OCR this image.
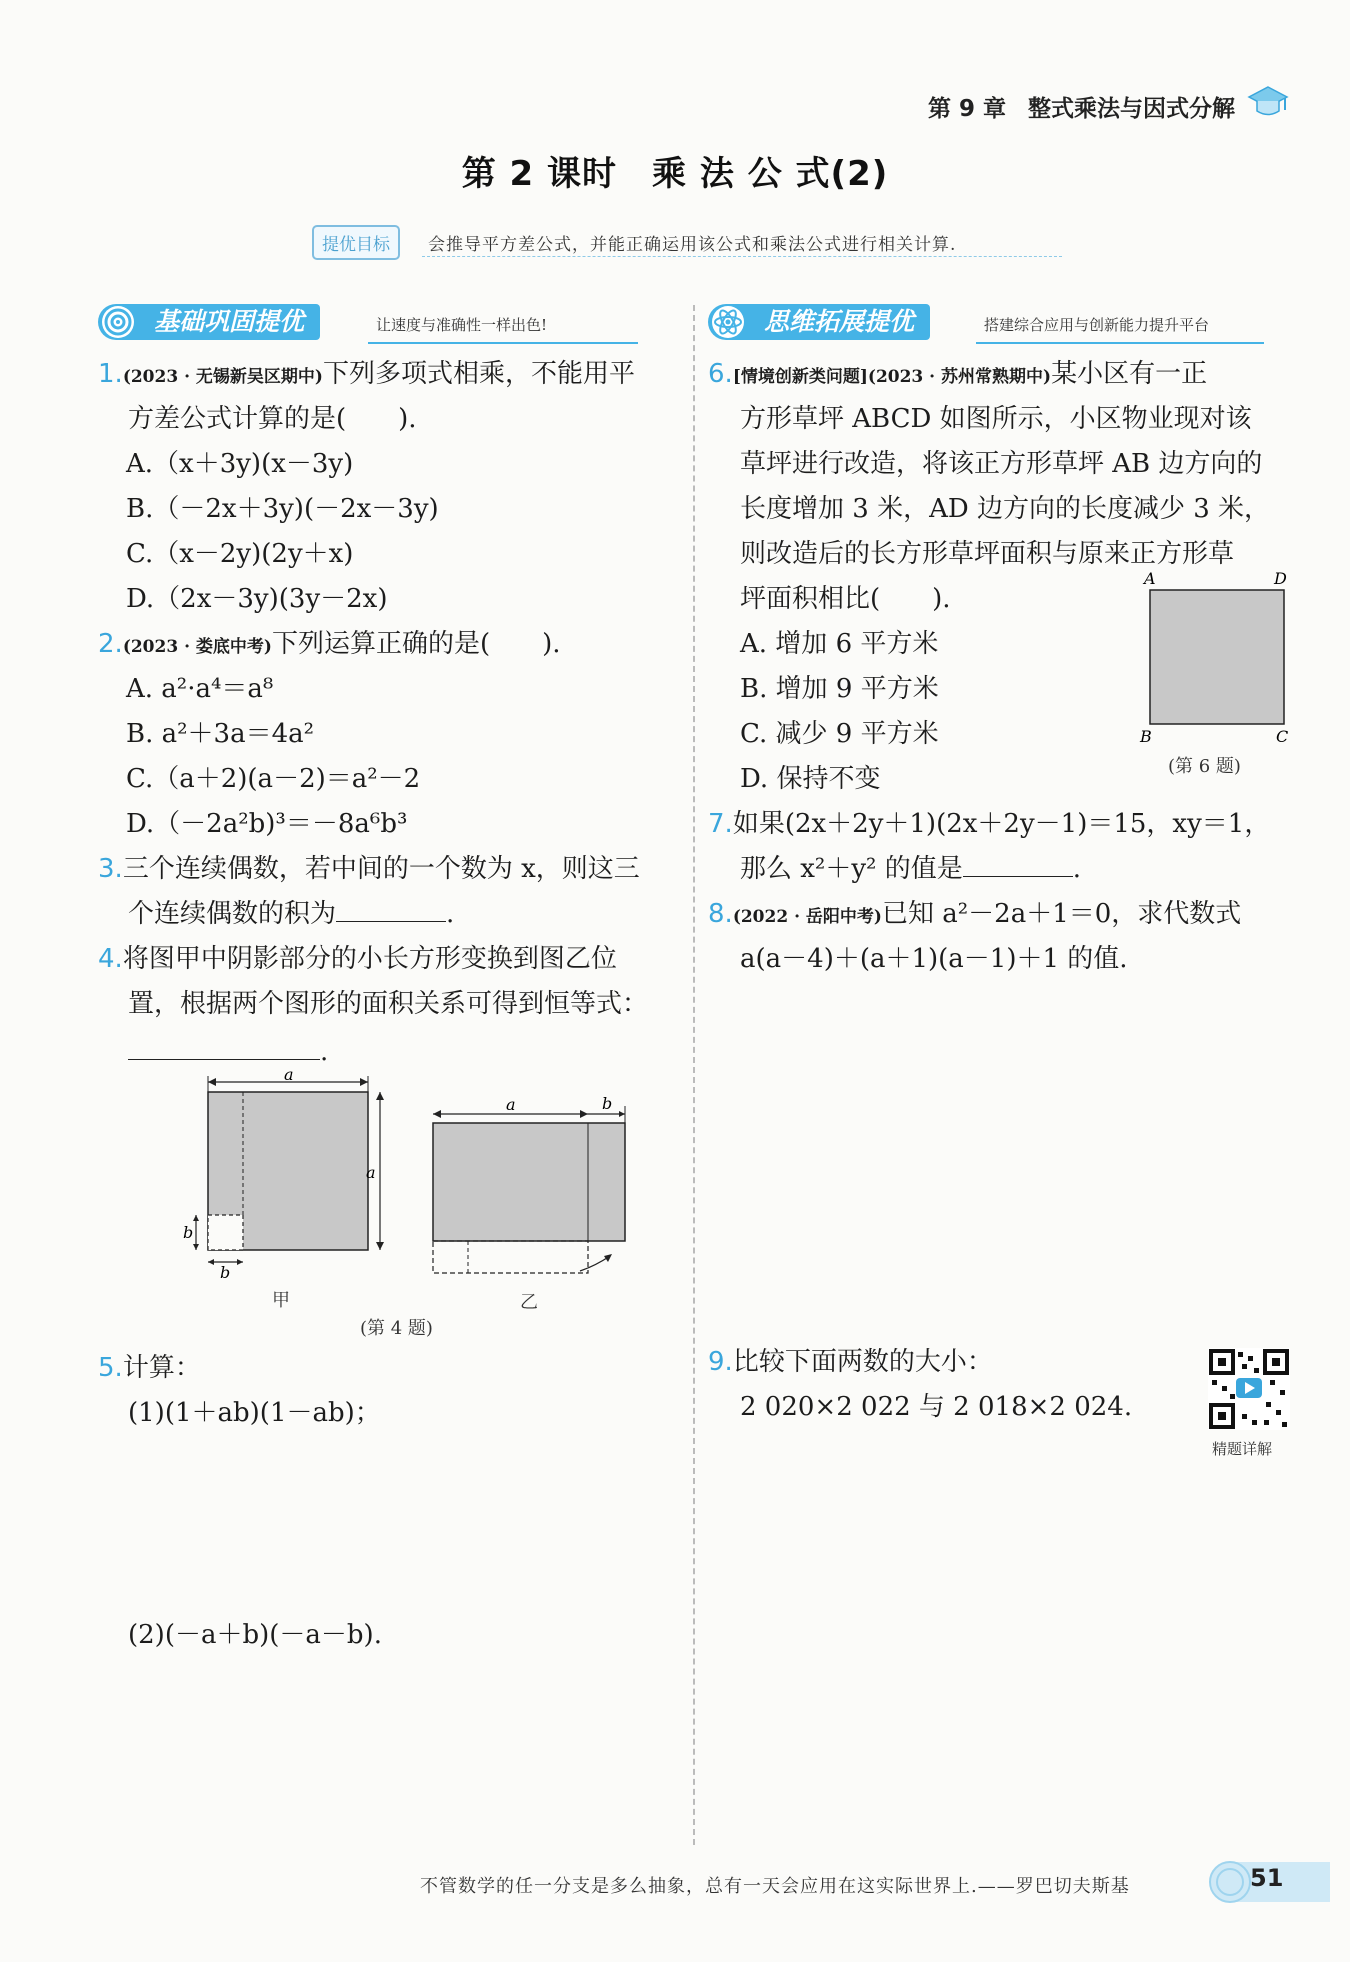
第 9 章 整式乘法与因式分解
第 2 课时　乘 法 公 式(2)
提优目标	会推导平方差公式，并能正确运用该公式和乘法公式进行相关计算.
基础巩固提优	让速度与准确性一样出色!	思维拓展提优	搭建综合应用与创新能力提升平台
1.(2023 · 无锡新吴区期中)下列多项式相乘，不能用平
方差公式计算的是(　　).
A.（x＋3y)(x－3y)
B.（－2x＋3y)(－2x－3y)
C.（x－2y)(2y＋x)
D.（2x－3y)(3y－2x)
2.(2023 · 娄底中考)下列运算正确的是(　　).
A. a²·a⁴＝a⁸
B. a²＋3a＝4a²
C.（a＋2)(a－2)＝a²－2
D.（－2a²b)³＝－8a⁶b³
3.三个连续偶数，若中间的一个数为 x，则这三
个连续偶数的积为	.
4.将图甲中阴影部分的小长方形变换到图乙位
置，根据两个图形的面积关系可得到恒等式：
.
a
a
b
b
甲
a	b
乙
(第 4 题)
5.计算：
(1)(1＋ab)(1－ab)；
(2)(－a＋b)(－a－b).
6.[情境创新类问题](2023 · 苏州常熟期中)某小区有一正
方形草坪 ABCD 如图所示，小区物业现对该
草坪进行改造，将该正方形草坪 AB 边方向的
长度增加 3 米，AD 边方向的长度减少 3 米，
则改造后的长方形草坪面积与原来正方形草
坪面积相比(　　).
A. 增加 6 平方米
B. 增加 9 平方米
C. 减少 9 平方米
D. 保持不变
A	D
B	C
(第 6 题)
7.如果(2x＋2y＋1)(2x＋2y－1)＝15，xy＝1，
那么 x²＋y² 的值是	.
8.(2022 · 岳阳中考)已知 a²－2a＋1＝0，求代数式
a(a－4)＋(a＋1)(a－1)＋1 的值.
9.比较下面两数的大小：
2 020×2 022 与 2 018×2 024.
精题详解
不管数学的任一分支是多么抽象，总有一天会应用在这实际世界上.——罗巴切夫斯基	51
